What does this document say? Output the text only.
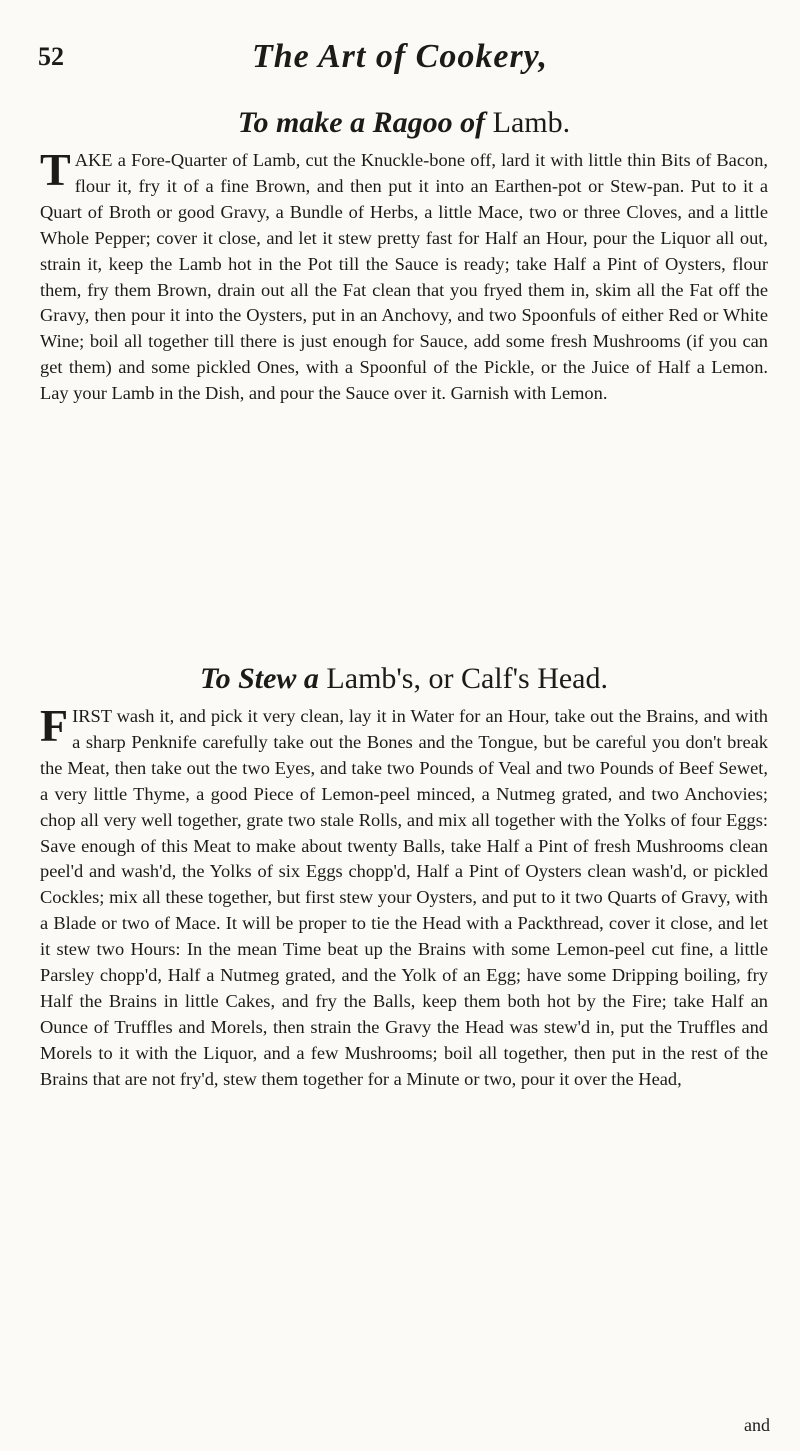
52	The Art of Cookery,
To make a Ragoo of Lamb.

T AKE a Fore-Quarter of Lamb, cut the Knuckle-bone off, lard it with little thin Bits of Bacon, flour it, fry it of a fine Brown, and then put it into an Earthen-pot or Stew-pan. Put to it a Quart of Broth or good Gravy, a Bundle of Herbs, a little Mace, two or three Cloves, and a little Whole Pepper; cover it close, and let it stew pretty fast for Half an Hour, pour the Liquor all out, strain it, keep the Lamb hot in the Pot till the Sauce is ready; take Half a Pint of Oysters, flour them, fry them Brown, drain out all the Fat clean that you fryed them in, skim all the Fat off the Gravy, then pour it into the Oysters, put in an Anchovy, and two Spoonfuls of either Red or White Wine; boil all together till there is just enough for Sauce, add some fresh Mushrooms (if you can get them) and some pickled Ones, with a Spoonful of the Pickle, or the Juice of Half a Lemon. Lay your Lamb in the Dish, and pour the Sauce over it. Garnish with Lemon.

To Stew a Lamb's, or Calf's Head.

F IRST wash it, and pick it very clean, lay it in Water for an Hour, take out the Brains, and with a sharp Penknife carefully take out the Bones and the Tongue, but be careful you don't break the Meat, then take out the two Eyes, and take two Pounds of Veal and two Pounds of Beef Sewet, a very little Thyme, a good Piece of Lemon-peel minced, a Nutmeg grated, and two Anchovies; chop all very well together, grate two stale Rolls, and mix all together with the Yolks of four Eggs: Save enough of this Meat to make about twenty Balls, take Half a Pint of fresh Mushrooms clean peel'd and wash'd, the Yolks of six Eggs chopp'd, Half a Pint of Oysters clean wash'd, or pickled Cockles; mix all these together, but first stew your Oysters, and put to it two Quarts of Gravy, with a Blade or two of Mace. It will be proper to tie the Head with a Packthread, cover it close, and let it stew two Hours: In the mean Time beat up the Brains with some Lemon-peel cut fine, a little Parsley chopp'd, Half a Nutmeg grated, and the Yolk of an Egg; have some Dripping boiling, fry Half the Brains in little Cakes, and fry the Balls, keep them both hot by the Fire; take Half an Ounce of Truffles and Morels, then strain the Gravy the Head was stew'd in, put the Truffles and Morels to it with the Liquor, and a few Mushrooms; boil all together, then put in the rest of the Brains that are not fry'd, stew them together for a Minute or two, pour it over the Head,

and
